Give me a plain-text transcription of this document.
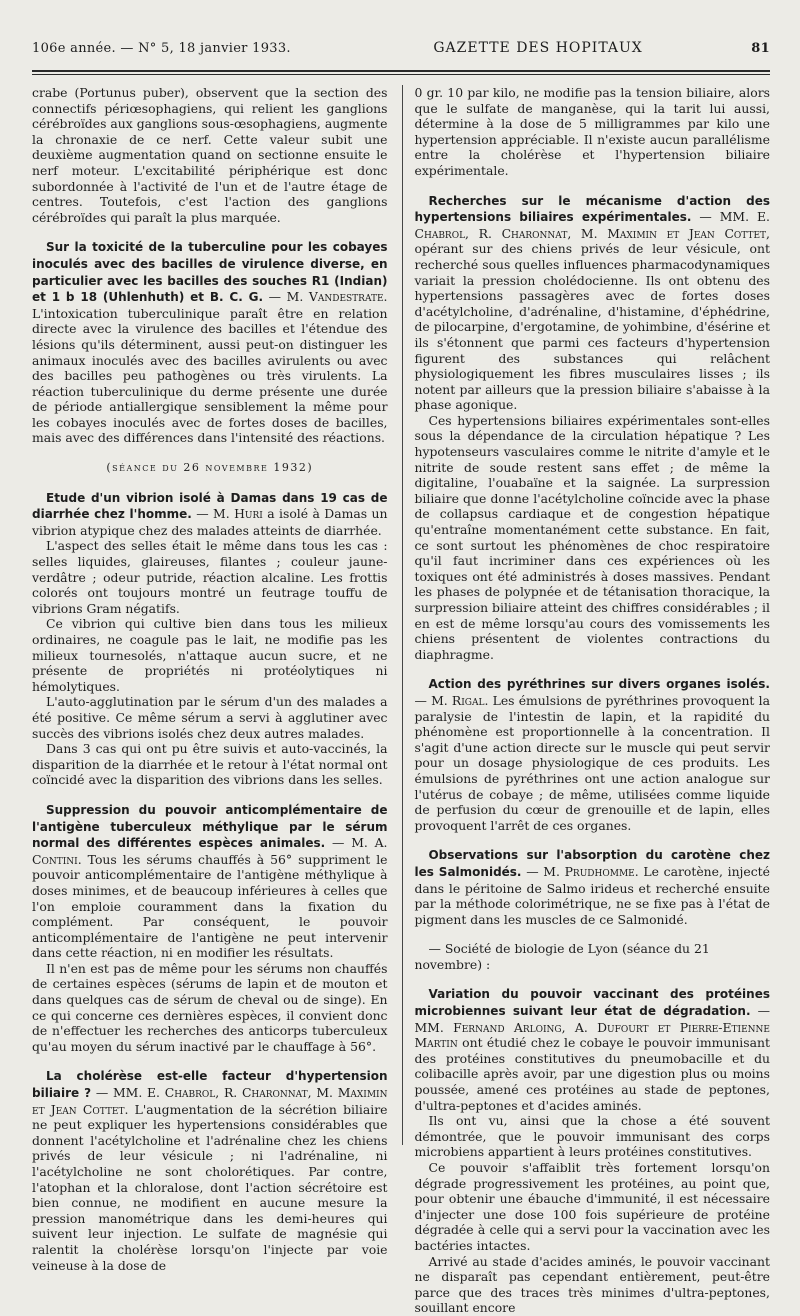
106e année. — N° 5, 18 janvier 1933.	GAZETTE DES HOPITAUX	81

crabe (Portunus puber), observent que la section des connectifs périœsophagiens, qui relient les ganglions cérébroïdes aux ganglions sous-œsophagiens, augmente la chronaxie de ce nerf. Cette valeur subit une deuxième augmentation quand on sectionne ensuite le nerf moteur. L'excitabilité périphérique est donc subordonnée à l'activité de l'un et de l'autre étage de centres. Toutefois, c'est l'action des ganglions cérébroïdes qui paraît la plus marquée.

Sur la toxicité de la tuberculine pour les cobayes inoculés avec des bacilles de virulence diverse, en particulier avec les bacilles des souches R1 (Indian) et 1 b 18 (Uhlenhuth) et B. C. G. — M. Vandestrate. L'intoxication tuberculinique paraît être en relation directe avec la virulence des bacilles et l'étendue des lésions qu'ils déterminent, aussi peut-on distinguer les animaux inoculés avec des bacilles avirulents ou avec des bacilles peu pathogènes ou très virulents. La réaction tuberculinique du derme présente une durée de période antiallergique sensiblement la même pour les cobayes inoculés avec de fortes doses de bacilles, mais avec des différences dans l'intensité des réactions.

(séance du 26 novembre 1932)

Etude d'un vibrion isolé à Damas dans 19 cas de diarrhée chez l'homme. — M. Huri a isolé à Damas un vibrion atypique chez des malades atteints de diarrhée.

L'aspect des selles était le même dans tous les cas : selles liquides, glaireuses, filantes ; couleur jaune-verdâtre ; odeur putride, réaction alcaline. Les frottis colorés ont toujours montré un feutrage touffu de vibrions Gram négatifs.

Ce vibrion qui cultive bien dans tous les milieux ordinaires, ne coagule pas le lait, ne modifie pas les milieux tournesolés, n'attaque aucun sucre, et ne présente de propriétés ni protéolytiques ni hémolytiques.

L'auto-agglutination par le sérum d'un des malades a été positive. Ce même sérum a servi à agglutiner avec succès des vibrions isolés chez deux autres malades.

Dans 3 cas qui ont pu être suivis et auto-vaccinés, la disparition de la diarrhée et le retour à l'état normal ont coïncidé avec la disparition des vibrions dans les selles.

Suppression du pouvoir anticomplémentaire de l'antigène tuberculeux méthylique par le sérum normal des différentes espèces animales. — M. A. Contini. Tous les sérums chauffés à 56° suppriment le pouvoir anticomplémentaire de l'antigène méthylique à doses minimes, et de beaucoup inférieures à celles que l'on emploie couramment dans la fixation du complément. Par conséquent, le pouvoir anticomplémentaire de l'antigène ne peut intervenir dans cette réaction, ni en modifier les résultats.

Il n'en est pas de même pour les sérums non chauffés de certaines espèces (sérums de lapin et de mouton et dans quelques cas de sérum de cheval ou de singe). En ce qui concerne ces dernières espèces, il convient donc de n'effectuer les recherches des anticorps tuberculeux qu'au moyen du sérum inactivé par le chauffage à 56°.

La cholérèse est-elle facteur d'hypertension biliaire ? — MM. E. Chabrol, R. Charonnat, M. Maximin et Jean Cottet. L'augmentation de la sécrétion biliaire ne peut expliquer les hypertensions considérables que donnent l'acétylcholine et l'adrénaline chez les chiens privés de leur vésicule ; ni l'adrénaline, ni l'acétylcholine ne sont cholorétiques. Par contre, l'atophan et la chloralose, dont l'action sécrétoire est bien connue, ne modifient en aucune mesure la pression manométrique dans les demi-heures qui suivent leur injection. Le sulfate de magnésie qui ralentit la cholérèse lorsqu'on l'injecte par voie veineuse à la dose de

0 gr. 10 par kilo, ne modifie pas la tension biliaire, alors que le sulfate de manganèse, qui la tarit lui aussi, détermine à la dose de 5 milligrammes par kilo une hypertension appréciable. Il n'existe aucun parallélisme entre la cholérèse et l'hypertension biliaire expérimentale.

Recherches sur le mécanisme d'action des hypertensions biliaires expérimentales. — MM. E. Chabrol, R. Charonnat, M. Maximin et Jean Cottet, opérant sur des chiens privés de leur vésicule, ont recherché sous quelles influences pharmacodynamiques variait la pression cholédocienne. Ils ont obtenu des hypertensions passagères avec de fortes doses d'acétylcholine, d'adrénaline, d'histamine, d'éphédrine, de pilocarpine, d'ergotamine, de yohimbine, d'ésérine et ils s'étonnent que parmi ces facteurs d'hypertension figurent des substances qui relâchent physiologiquement les fibres musculaires lisses ; ils notent par ailleurs que la pression biliaire s'abaisse à la phase agonique.

Ces hypertensions biliaires expérimentales sont-elles sous la dépendance de la circulation hépatique ? Les hypotenseurs vasculaires comme le nitrite d'amyle et le nitrite de soude restent sans effet ; de même la digitaline, l'ouabaïne et la saignée. La surpression biliaire que donne l'acétylcholine coïncide avec la phase de collapsus cardiaque et de congestion hépatique qu'entraîne momentanément cette substance. En fait, ce sont surtout les phénomènes de choc respiratoire qu'il faut incriminer dans ces expériences où les toxiques ont été administrés à doses massives. Pendant les phases de polypnée et de tétanisation thoracique, la surpression biliaire atteint des chiffres considérables ; il en est de même lorsqu'au cours des vomissements les chiens présentent de violentes contractions du diaphragme.

Action des pyréthrines sur divers organes isolés. — M. Rigal. Les émulsions de pyréthrines provoquent la paralysie de l'intestin de lapin, et la rapidité du phénomène est proportionnelle à la concentration. Il s'agit d'une action directe sur le muscle qui peut servir pour un dosage physiologique de ces produits. Les émulsions de pyréthrines ont une action analogue sur l'utérus de cobaye ; de même, utilisées comme liquide de perfusion du cœur de grenouille et de lapin, elles provoquent l'arrêt de ces organes.

Observations sur l'absorption du carotène chez les Salmonidés. — M. Prudhomme. Le carotène, injecté dans le péritoine de Salmo irideus et recherché ensuite par la méthode colorimétrique, ne se fixe pas à l'état de pigment dans les muscles de ce Salmonidé.

— Société de biologie de Lyon (séance du 21 novembre) :

Variation du pouvoir vaccinant des protéines microbiennes suivant leur état de dégradation. — MM. Fernand Arloing, A. Dufourt et Pierre-Etienne Martin ont étudié chez le cobaye le pouvoir immunisant des protéines constitutives du pneumobacille et du colibacille après avoir, par une digestion plus ou moins poussée, amené ces protéines au stade de peptones, d'ultra-peptones et d'acides aminés.

Ils ont vu, ainsi que la chose a été souvent démontrée, que le pouvoir immunisant des corps microbiens appartient à leurs protéines constitutives.

Ce pouvoir s'affaiblit très fortement lorsqu'on dégrade progressivement les protéines, au point que, pour obtenir une ébauche d'immunité, il est nécessaire d'injecter une dose 100 fois supérieure de protéine dégradée à celle qui a servi pour la vaccination avec les bactéries intactes.

Arrivé au stade d'acides aminés, le pouvoir vaccinant ne disparaît pas cependant entièrement, peut-être parce que des traces très minimes d'ultra-peptones, souillant encore
